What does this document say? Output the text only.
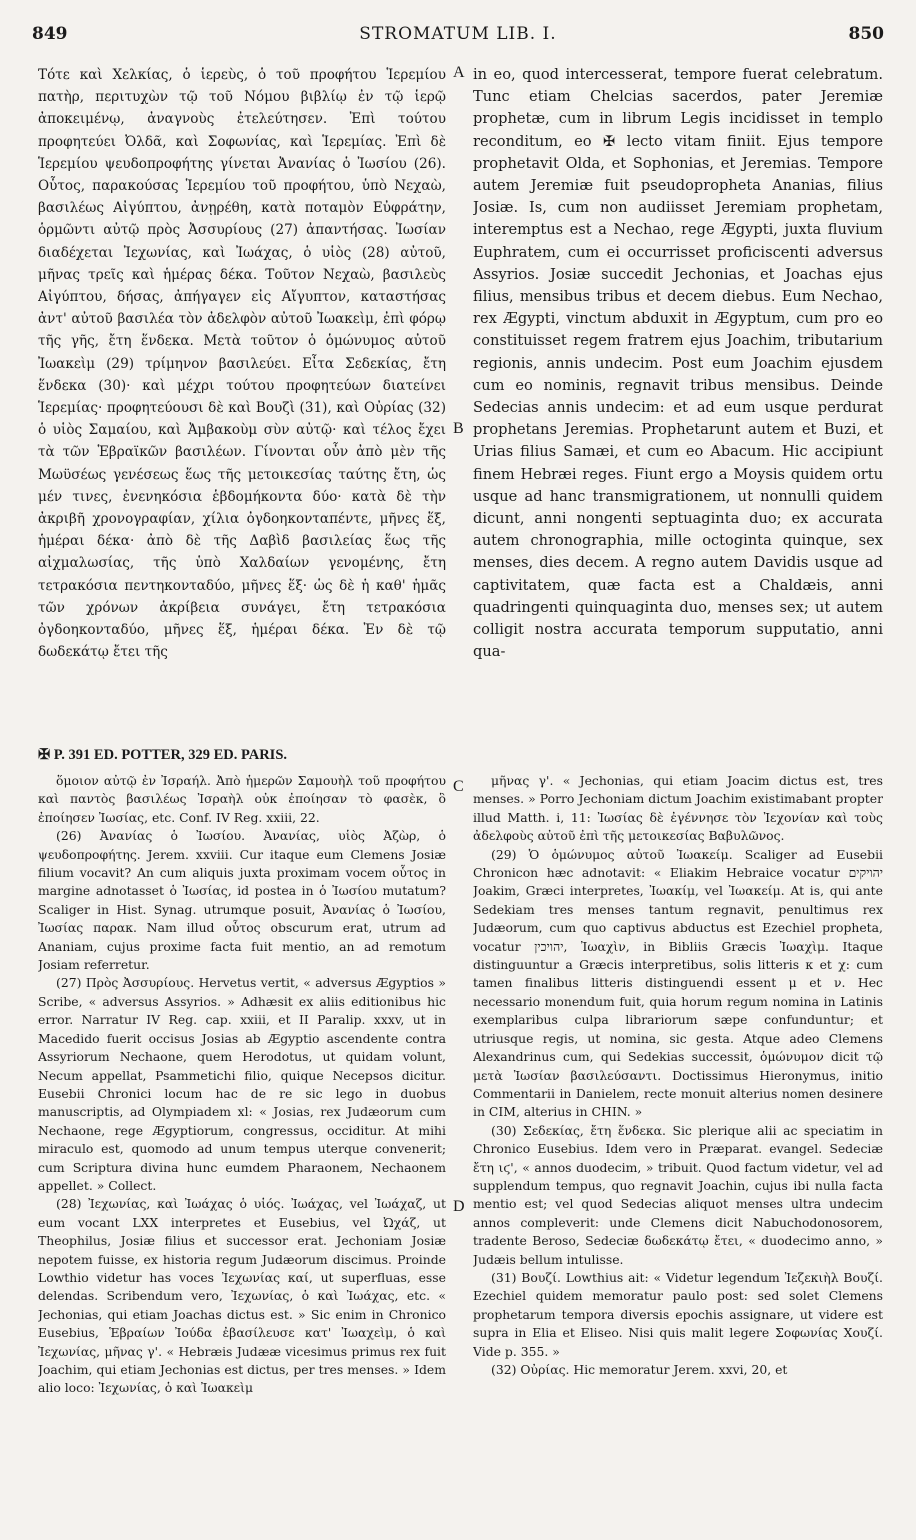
849	STROMATUM LIB. I.	850

Τότε καὶ Χελκίας, ὁ ἱερεὺς, ὁ τοῦ προφήτου Ἱερεμίου πατὴρ, περιτυχὼν τῷ τοῦ Νόμου βιβλίῳ ἐν τῷ ἱερῷ ἀποκειμένῳ, ἀναγνοὺς ἐτελεύτησεν. Ἐπὶ τούτου προφητεύει Ὀλδᾶ, καὶ Σοφωνίας, καὶ Ἱερεμίας. Ἐπὶ δὲ Ἱερεμίου ψευδοπροφήτης γίνεται Ἀνανίας ὁ Ἰωσίου (26). Οὗτος, παρακούσας Ἱερεμίου τοῦ προφήτου, ὑπὸ Νεχαὼ, βασιλέως Αἰγύπτου, ἀνῃρέθη, κατὰ ποταμὸν Εὐφράτην, ὁρμῶντι αὐτῷ πρὸς Ἀσσυρίους (27) ἀπαντήσας. Ἰωσίαν διαδέχεται Ἰεχωνίας, καὶ Ἰωάχας, ὁ υἱὸς (28) αὐτοῦ, μῆνας τρεῖς καὶ ἡμέρας δέκα. Τοῦτον Νεχαὼ, βασιλεὺς Αἰγύπτου, δήσας, ἀπήγαγεν εἰς Αἴγυπτον, καταστήσας ἀντ' αὐτοῦ βασιλέα τὸν ἀδελφὸν αὐτοῦ Ἰωακεὶμ, ἐπὶ φόρῳ τῆς γῆς, ἔτη ἕνδεκα. Μετὰ τοῦτον ὁ ὁμώνυμος αὐτοῦ Ἰωακεὶμ (29) τρίμηνον βασιλεύει. Εἶτα Σεδεκίας, ἔτη ἕνδεκα (30)· καὶ μέχρι τούτου προφητεύων διατείνει Ἱερεμίας· προφητεύουσι δὲ καὶ Βουζὶ (31), καὶ Οὐρίας (32) ὁ υἱὸς Σαμαίου, καὶ Ἀμβακοὺμ σὺν αὐτῷ· καὶ τέλος ἔχει τὰ τῶν Ἑβραϊκῶν βασιλέων. Γίνονται οὖν ἀπὸ μὲν τῆς Μωϋσέως γενέσεως ἕως τῆς μετοικεσίας ταύτης ἔτη, ὡς μέν τινες, ἐνενηκόσια ἑβδομήκοντα δύο· κατὰ δὲ τὴν ἀκριβῆ χρονογραφίαν, χίλια ὀγδοηκονταπέντε, μῆνες ἕξ, ἡμέραι δέκα· ἀπὸ δὲ τῆς Δαβὶδ βασιλείας ἕως τῆς αἰχμαλωσίας, τῆς ὑπὸ Χαλδαίων γενομένης, ἔτη τετρακόσια πεντηκονταδύο, μῆνες ἕξ· ὡς δὲ ἡ καθ' ἡμᾶς τῶν χρόνων ἀκρίβεια συνάγει, ἔτη τετρακόσια ὀγδοηκονταδύο, μῆνες ἕξ, ἡμέραι δέκα. Ἐν δὲ τῷ δωδεκάτῳ ἔτει τῆς

A
B
C
D

in eo, quod intercesserat, tempore fuerat celebratum. Tunc etiam Chelcias sacerdos, pater Jeremiæ prophetæ, cum in librum Legis incidisset in templo reconditum, eo ✠ lecto vitam finiit. Ejus tempore prophetavit Olda, et Sophonias, et Jeremias. Tempore autem Jeremiæ fuit pseudopropheta Ananias, filius Josiæ. Is, cum non audiisset Jeremiam prophetam, interemptus est a Nechao, rege Ægypti, juxta fluvium Euphratem, cum ei occurrisset proficiscenti adversus Assyrios. Josiæ succedit Jechonias, et Joachas ejus filius, mensibus tribus et decem diebus. Eum Nechao, rex Ægypti, vinctum abduxit in Ægyptum, cum pro eo constituisset regem fratrem ejus Joachim, tributarium regionis, annis undecim. Post eum Joachim ejusdem cum eo nominis, regnavit tribus mensibus. Deinde Sedecias annis undecim: et ad eum usque perdurat prophetans Jeremias. Prophetarunt autem et Buzi, et Urias filius Samæi, et cum eo Abacum. Hic accipiunt finem Hebræi reges. Fiunt ergo a Moysis quidem ortu usque ad hanc transmigrationem, ut nonnulli quidem dicunt, anni nongenti septuaginta duo; ex accurata autem chronographia, mille octoginta quinque, sex menses, dies decem. A regno autem Davidis usque ad captivitatem, quæ facta est a Chaldæis, anni quadringenti quinquaginta duo, menses sex; ut autem colligit nostra accurata temporum supputatio, anni qua-

✠ P. 391 ED. POTTER, 329 ED. PARIS.

ὅμοιον αὐτῷ ἐν Ἰσραήλ. Ἀπὸ ἡμερῶν Σαμουὴλ τοῦ προφήτου καὶ παντὸς βασιλέως Ἰσραὴλ οὐκ ἐποίησαν τὸ φασὲκ, ὃ ἐποίησεν Ἰωσίας, etc. Conf. IV Reg. xxiii, 22.

(26) Ἀνανίας ὁ Ἰωσίου. Ἀνανίας, υἱὸς Ἀζὼρ, ὁ ψευδοπροφήτης. Jerem. xxviii. Cur itaque eum Clemens Josiæ filium vocavit? An cum aliquis juxta proximam vocem οὗτος in margine adnotasset ὁ Ἰωσίας, id postea in ὁ Ἰωσίου mutatum? Scaliger in Hist. Synag. utrumque posuit, Ἀνανίας ὁ Ἰωσίου, Ἰωσίας παρακ. Nam illud οὗτος obscurum erat, utrum ad Ananiam, cujus proxime facta fuit mentio, an ad remotum Josiam referretur.

(27) Πρὸς Ἀσσυρίους. Hervetus vertit, « adversus Ægyptios » Scribe, « adversus Assyrios. » Adhæsit ex aliis editionibus hic error. Narratur IV Reg. cap. xxiii, et II Paralip. xxxv, ut in Macedido fuerit occisus Josias ab Ægyptio ascendente contra Assyriorum Nechaone, quem Herodotus, ut quidam volunt, Necum appellat, Psammetichi filio, quique Necepsos dicitur. Eusebii Chronici locum hac de re sic lego in duobus manuscriptis, ad Olympiadem xl: « Josias, rex Judæorum cum Nechaone, rege Ægyptiorum, congressus, occiditur. At mihi miraculo est, quomodo ad unum tempus uterque convenerit; cum Scriptura divina hunc eumdem Pharaonem, Nechaonem appellet. » Collect.

(28) Ἰεχωνίας, καὶ Ἰωάχας ὁ υἱός. Ἰωάχας, vel Ἰωάχαζ, ut eum vocant LXX interpretes et Eusebius, vel Ὠχάζ, ut Theophilus, Josiæ filius et successor erat. Jechoniam Josiæ nepotem fuisse, ex historia regum Judæorum discimus. Proinde Lowthio videtur has voces Ἰεχωνίας καί, ut superfluas, esse delendas. Scribendum vero, Ἰεχωνίας, ὁ καὶ Ἰωάχας, etc. « Jechonias, qui etiam Joachas dictus est. » Sic enim in Chronico Eusebius, Ἑβραίων Ἰούδα ἐβασίλευσε κατ' Ἰωαχεὶμ, ὁ καὶ Ἰεχωνίας, μῆνας γ'. « Hebræis Judææ vicesimus primus rex fuit Joachim, qui etiam Jechonias est dictus, per tres menses. » Idem alio loco: Ἰεχωνίας, ὁ καὶ Ἰωακεὶμ

μῆνας γ'. « Jechonias, qui etiam Joacim dictus est, tres menses. » Porro Jechoniam dictum Joachim existimabant propter illud Matth. i, 11: Ἰωσίας δὲ ἐγέννησε τὸν Ἰεχονίαν καὶ τοὺς ἀδελφοὺς αὐτοῦ ἐπὶ τῆς μετοικεσίας Βαβυλῶνος.

(29) Ὁ ὁμώνυμος αὐτοῦ Ἰωακείμ. Scaliger ad Eusebii Chronicon hæc adnotavit: « Eliakim Hebraice vocatur יהויקים Joakim, Græci interpretes, Ἰωακίμ, vel Ἰωακείμ. At is, qui ante Sedekiam tres menses tantum regnavit, penultimus rex Judæorum, cum quo captivus abductus est Ezechiel propheta, vocatur יהויכין, Ἰωαχὶν, in Bibliis Græcis Ἰωαχὶμ. Itaque distinguuntur a Græcis interpretibus, solis litteris κ et χ: cum tamen finalibus litteris distinguendi essent μ et ν. Hec necessario monendum fuit, quia horum regum nomina in Latinis exemplaribus culpa librariorum sæpe confunduntur; et utriusque regis, ut nomina, sic gesta. Atque adeo Clemens Alexandrinus cum, qui Sedekias successit, ὁμώνυμον dicit τῷ μετὰ Ἰωσίαν βασιλεύσαντι. Doctissimus Hieronymus, initio Commentarii in Danielem, recte monuit alterius nomen desinere in CIM, alterius in CHIN. »

(30) Σεδεκίας, ἔτη ἕνδεκα. Sic plerique alii ac speciatim in Chronico Eusebius. Idem vero in Præparat. evangel. Sedeciæ ἔτη ιϛ', « annos duodecim, » tribuit. Quod factum videtur, vel ad supplendum tempus, quo regnavit Joachin, cujus ibi nulla facta mentio est; vel quod Sedecias aliquot menses ultra undecim annos compleverit: unde Clemens dicit Nabuchodonosorem, tradente Beroso, Sedeciæ δωδεκάτῳ ἔτει, « duodecimo anno, » Judæis bellum intulisse.

(31) Βουζί. Lowthius ait: « Videtur legendum Ἰεζεκιὴλ Βουζί. Ezechiel quidem memoratur paulo post: sed solet Clemens prophetarum tempora diversis epochis assignare, ut videre est supra in Elia et Eliseo. Nisi quis malit legere Σοφωνίας Χουζί. Vide p. 355. »

(32) Οὐρίας. Hic memoratur Jerem. xxvi, 20, et
